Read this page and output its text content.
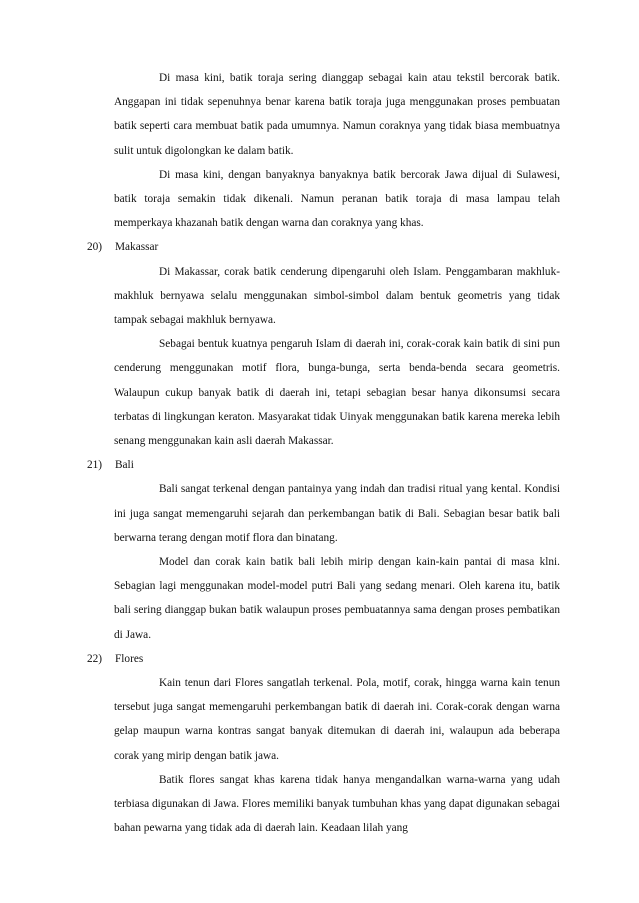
Di masa kini, batik toraja sering dianggap sebagai kain atau tekstil bercorak batik. Anggapan ini tidak sepenuhnya benar karena batik toraja juga menggunakan proses pembuatan batik seperti cara membuat batik pada umumnya. Namun coraknya yang tidak biasa membuatnya sulit untuk digolongkan ke dalam batik.

Di masa kini, dengan banyaknya banyaknya batik bercorak Jawa dijual di Sulawesi, batik toraja semakin tidak dikenali. Namun peranan batik toraja di masa lampau telah memperkaya khazanah batik dengan warna dan coraknya yang khas.

20) Makassar

Di Makassar, corak batik cenderung dipengaruhi oleh Islam. Penggambaran makhluk-makhluk bernyawa selalu menggunakan simbol-simbol dalam bentuk geometris yang tidak tampak sebagai makhluk bernyawa.

Sebagai bentuk kuatnya pengaruh Islam di daerah ini, corak-corak kain batik di sini pun cenderung menggunakan motif flora, bunga-bunga, serta benda-benda secara geometris. Walaupun cukup banyak batik di daerah ini, tetapi sebagian besar hanya dikonsumsi secara terbatas di lingkungan keraton. Masyarakat tidak Uinyak menggunakan batik karena mereka lebih senang menggunakan kain asli daerah Makassar.

21) Bali

Bali sangat terkenal dengan pantainya yang indah dan tradisi ritual yang kental. Kondisi ini juga sangat memengaruhi sejarah dan perkembangan batik di Bali. Sebagian besar batik bali berwarna terang dengan motif flora dan binatang.

Model dan corak kain batik bali lebih mirip dengan kain-kain pantai di masa klni. Sebagian lagi menggunakan model-model putri Bali yang sedang menari. Oleh karena itu, batik bali sering dianggap bukan batik walaupun proses pembuatannya sama dengan proses pembatikan di Jawa.

22) Flores

Kain tenun dari Flores sangatlah terkenal. Pola, motif, corak, hingga warna kain tenun tersebut juga sangat memengaruhi perkembangan batik di daerah ini. Corak-corak dengan warna gelap maupun warna kontras sangat banyak ditemukan di daerah ini, walaupun ada beberapa corak yang mirip dengan batik jawa.

Batik flores sangat khas karena tidak hanya mengandalkan warna-warna yang udah terbiasa digunakan di Jawa. Flores memiliki banyak tumbuhan khas yang dapat digunakan sebagai bahan pewarna yang tidak ada di daerah lain. Keadaan lilah yang
